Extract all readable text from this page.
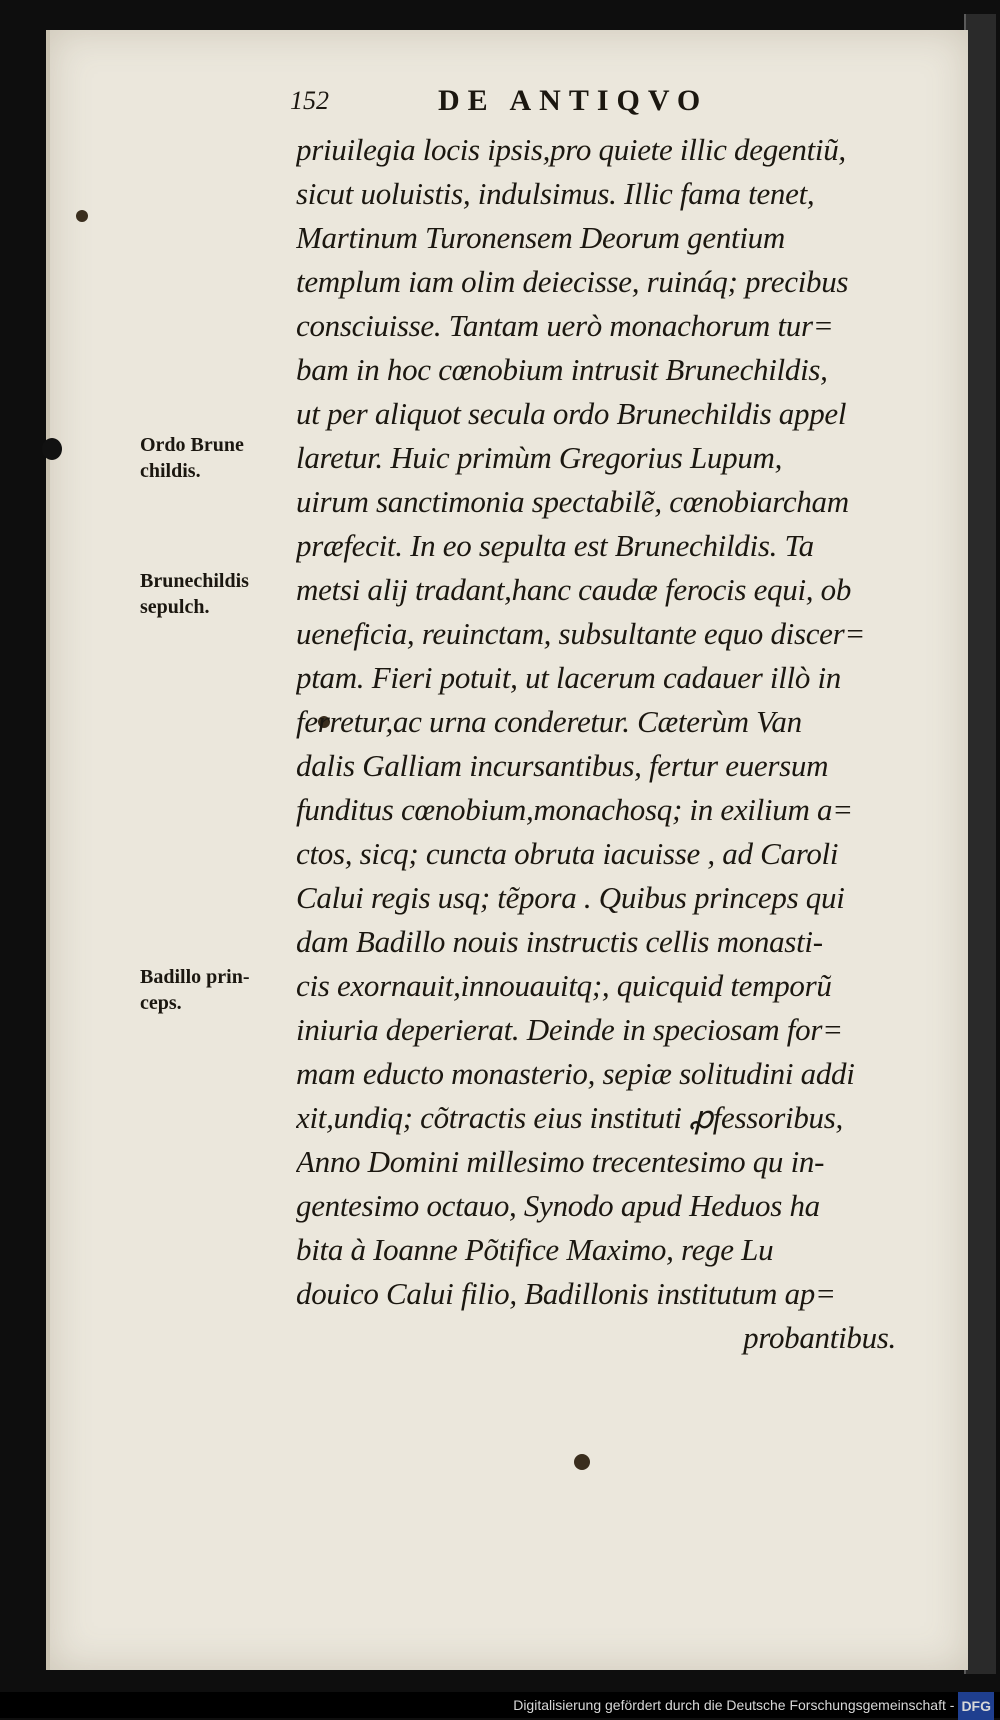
152	DE ANTIQVO
priuilegia locis ipsis,pro quiete illic degentiũ,
sicut uoluistis, indulsimus. Illic fama tenet,
Martinum Turonensem Deorum gentium
templum iam olim deiecisse, ruináq; precibus
consciuisse. Tantam uerò monachorum tur=
bam in hoc cœnobium intrusit Brunechildis,
ut per aliquot secula ordo Brunechildis appel
laretur. Huic primùm Gregorius Lupum,
uirum sanctimonia spectabilẽ, cœnobiarcham
præfecit. In eo sepulta est Brunechildis. Ta
metsi alij tradant,hanc caudæ ferocis equi, ob
ueneficia, reuinctam, subsultante equo discer=
ptam. Fieri potuit, ut lacerum cadauer illò in
ferretur,ac urna conderetur. Cæterùm Van
dalis Galliam incursantibus, fertur euersum
funditus cœnobium,monachosq; in exilium a=
ctos, sicq; cuncta obruta iacuisse , ad Caroli
Calui regis usq; tẽpora . Quibus princeps qui
dam Badillo nouis instructis cellis monasti-
cis exornauit,innouauitq;, quicquid temporũ
iniuria deperierat. Deinde in speciosam for=
mam educto monasterio, sepiæ solitudini addi
xit,undiq; cõtractis eius instituti ꝓfessoribus,
Anno Domini millesimo trecentesimo qu in-
gentesimo octauo, Synodo apud Heduos ha
bita à Ioanne Põtifice Maximo, rege Lu
douico Calui filio, Badillonis institutum ap=
probantibus.
Ordo Brune
childis.
Brunechildis
sepulch.
Badillo prin-
ceps.
Digitalisierung gefördert durch die Deutsche Forschungsgemeinschaft - DFG
